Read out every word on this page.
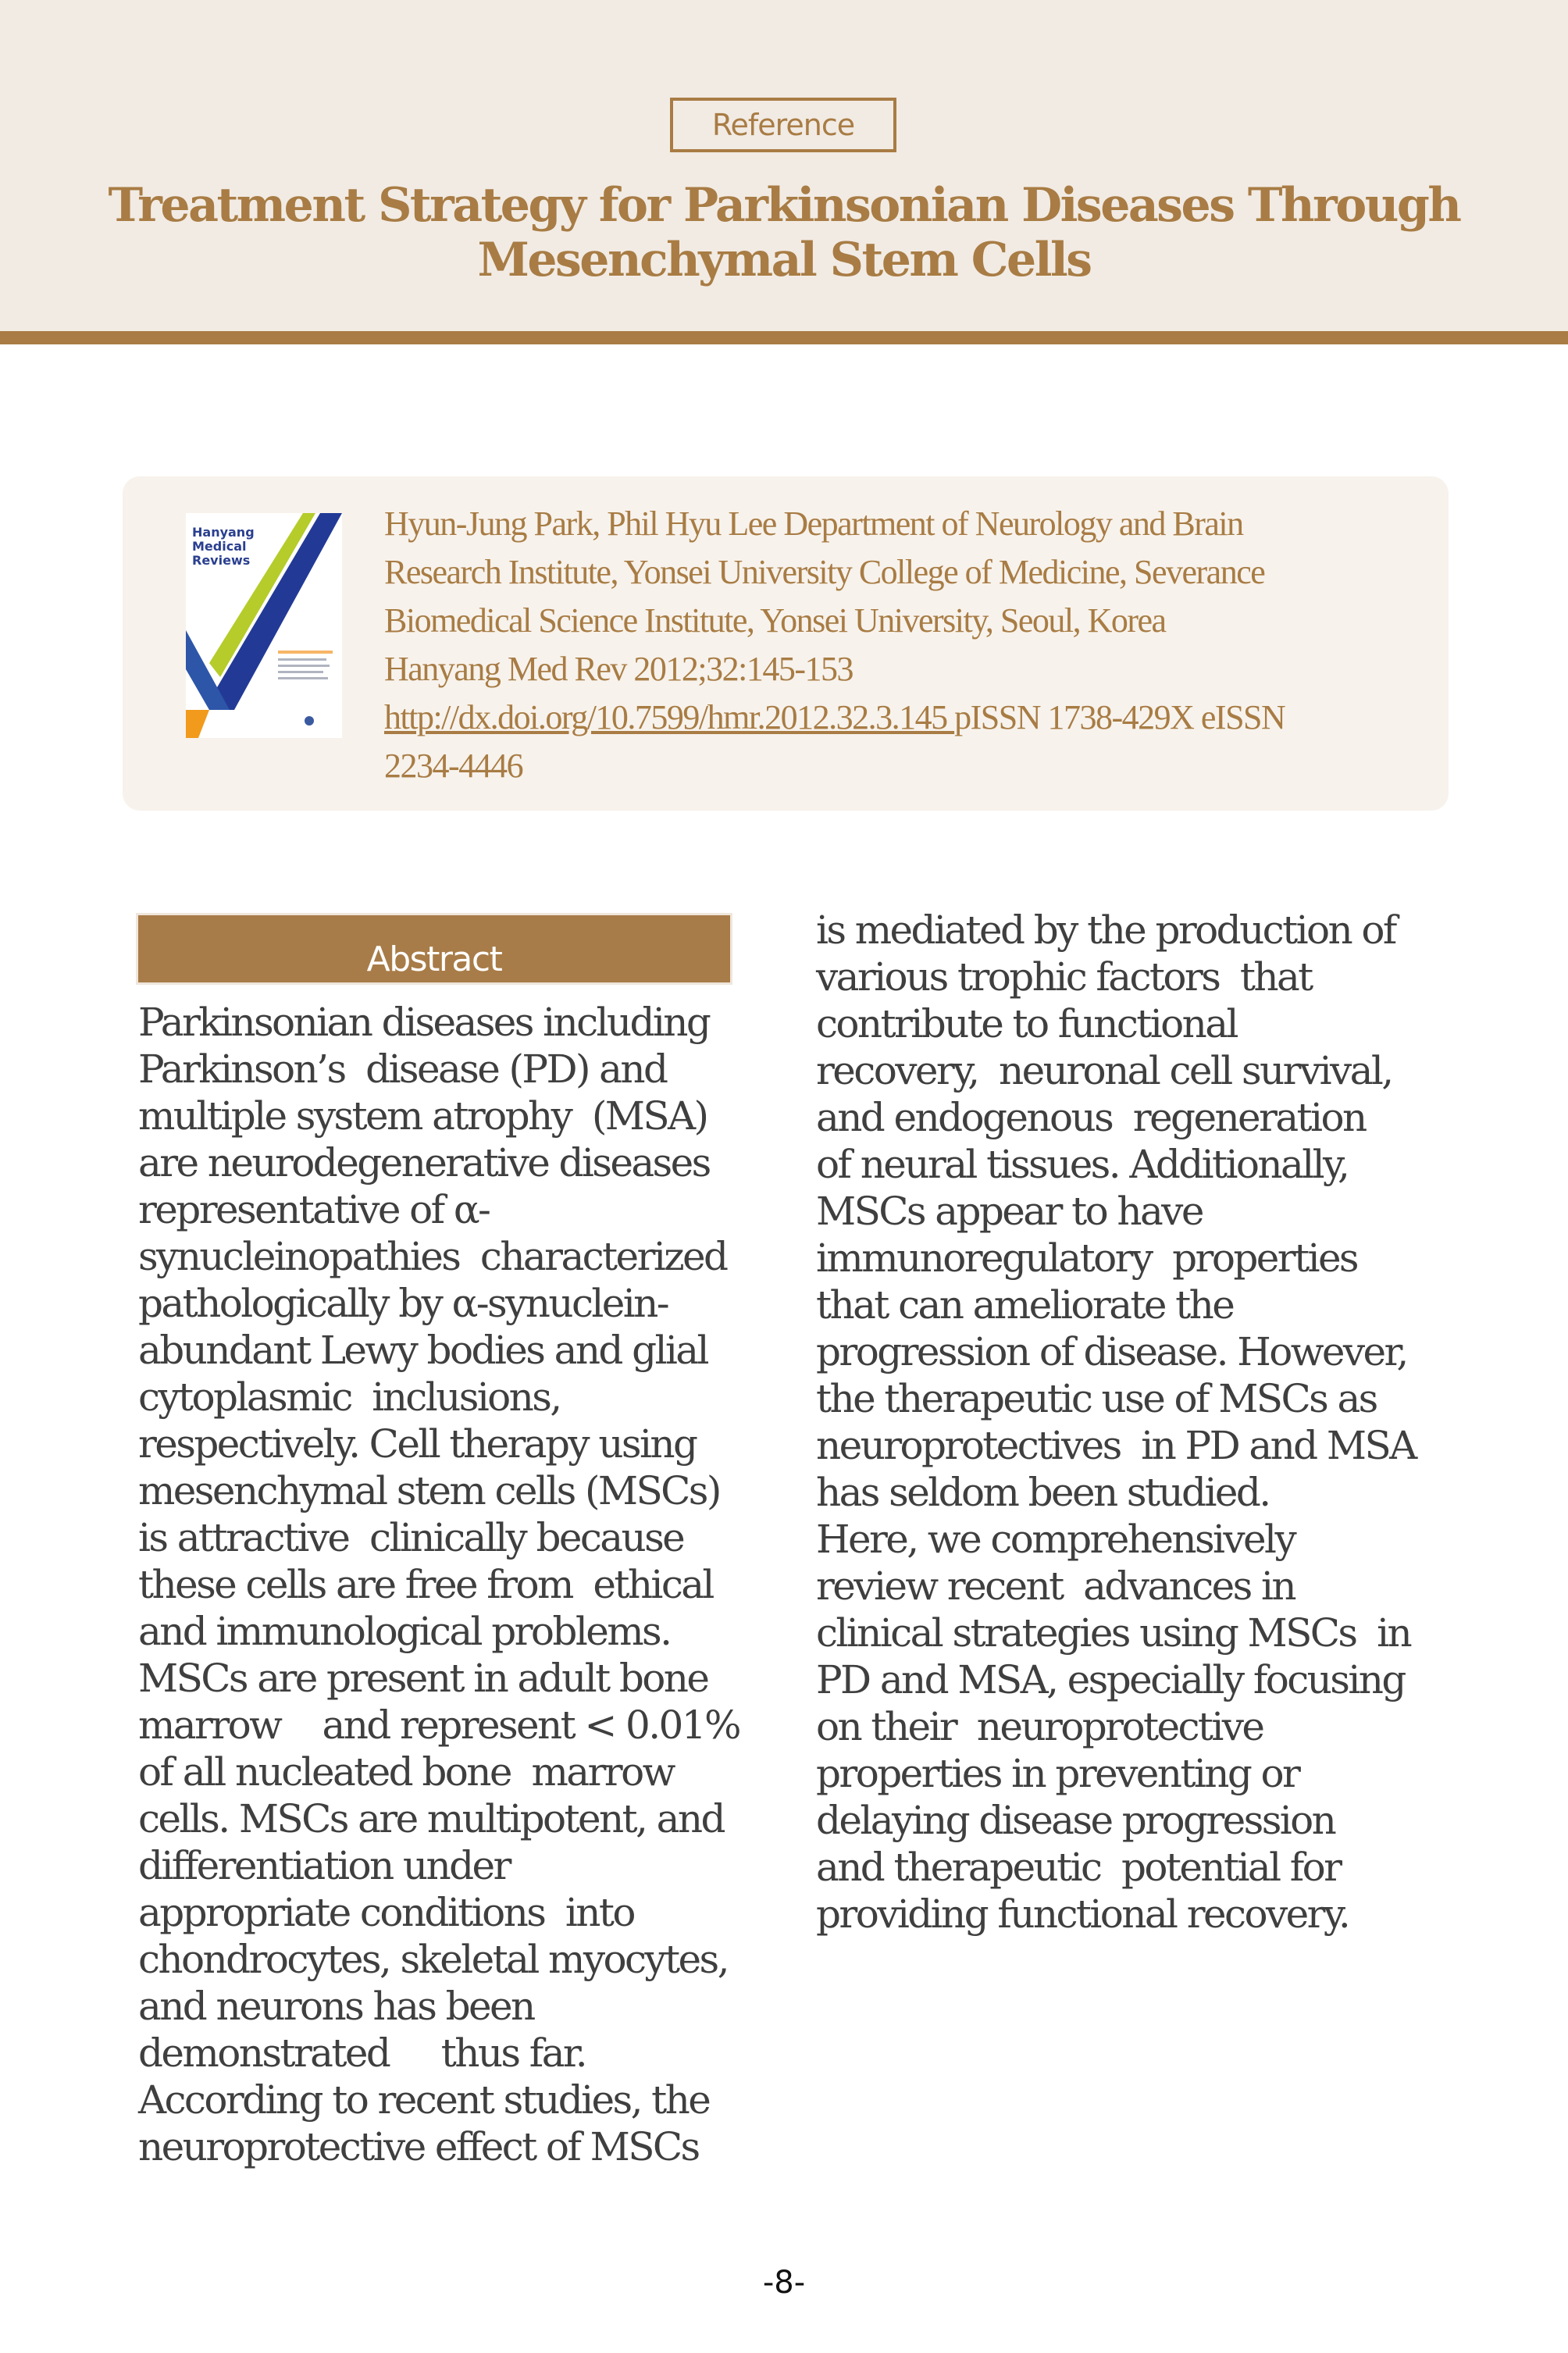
Reference
Treatment Strategy for Parkinsonian Diseases Through
Mesenchymal Stem Cells
Hanyang
Medical
Reviews
Hyun-Jung Park, Phil Hyu Lee Department of Neurology and Brain
Research Institute, Yonsei University College of Medicine, Severance
Biomedical Science Institute, Yonsei University, Seoul, Korea
Hanyang Med Rev 2012;32:145-153
http://dx.doi.org/10.7599/hmr.2012.32.3.145 pISSN 1738-429X eISSN
2234-4446
Abstract
Parkinsonian diseases including
Parkinson’s  disease (PD) and
multiple system atrophy  (MSA)
are neurodegenerative diseases
representative of α-
synucleinopathies  characterized
pathologically by α-synuclein-
abundant Lewy bodies and glial
cytoplasmic  inclusions,
respectively. Cell therapy using
mesenchymal stem cells (MSCs)
is attractive  clinically because
these cells are free from  ethical
and immunological problems.
MSCs are present in adult bone
marrow    and represent < 0.01%
of all nucleated bone  marrow
cells. MSCs are multipotent, and
differentiation under
appropriate conditions  into
chondrocytes, skeletal myocytes,
and neurons has been
demonstrated     thus far.
According to recent studies, the
neuroprotective effect of MSCs
is mediated by the production of
various trophic factors  that
contribute to functional
recovery,  neuronal cell survival,
and endogenous  regeneration
of neural tissues. Additionally,
MSCs appear to have
immunoregulatory  properties
that can ameliorate the
progression of disease. However,
the therapeutic use of MSCs as
neuroprotectives  in PD and MSA
has seldom been studied.
Here, we comprehensively
review recent  advances in
clinical strategies using MSCs  in
PD and MSA, especially focusing
on their  neuroprotective
properties in preventing or
delaying disease progression
and therapeutic  potential for
providing functional recovery.
-8-
